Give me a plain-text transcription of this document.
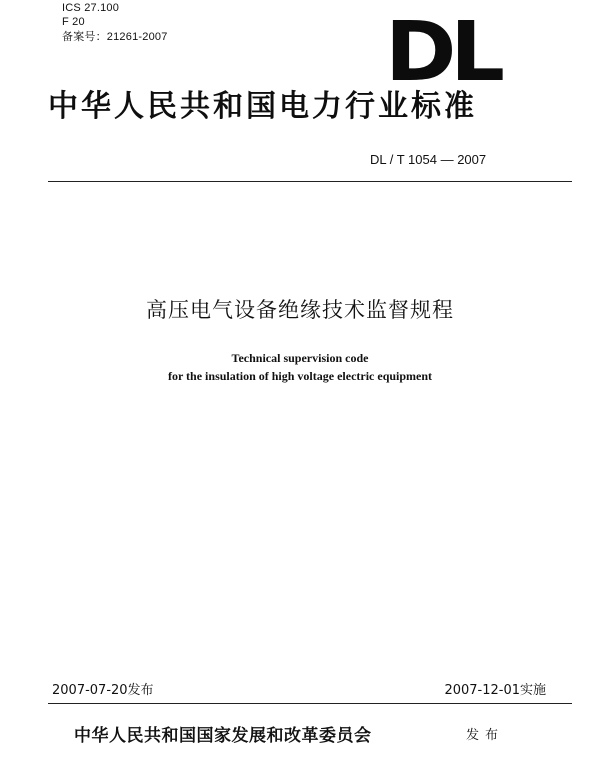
ICS 27.100
F 20
备案号：21261-2007	DL
中华人民共和国电力行业标准
DL / T 1054 — 2007
高压电气设备绝缘技术监督规程
Technical supervision code
for the insulation of high voltage electric equipment
2007-07-20发布	2007-12-01实施
中华人民共和国国家发展和改革委员会	发布
